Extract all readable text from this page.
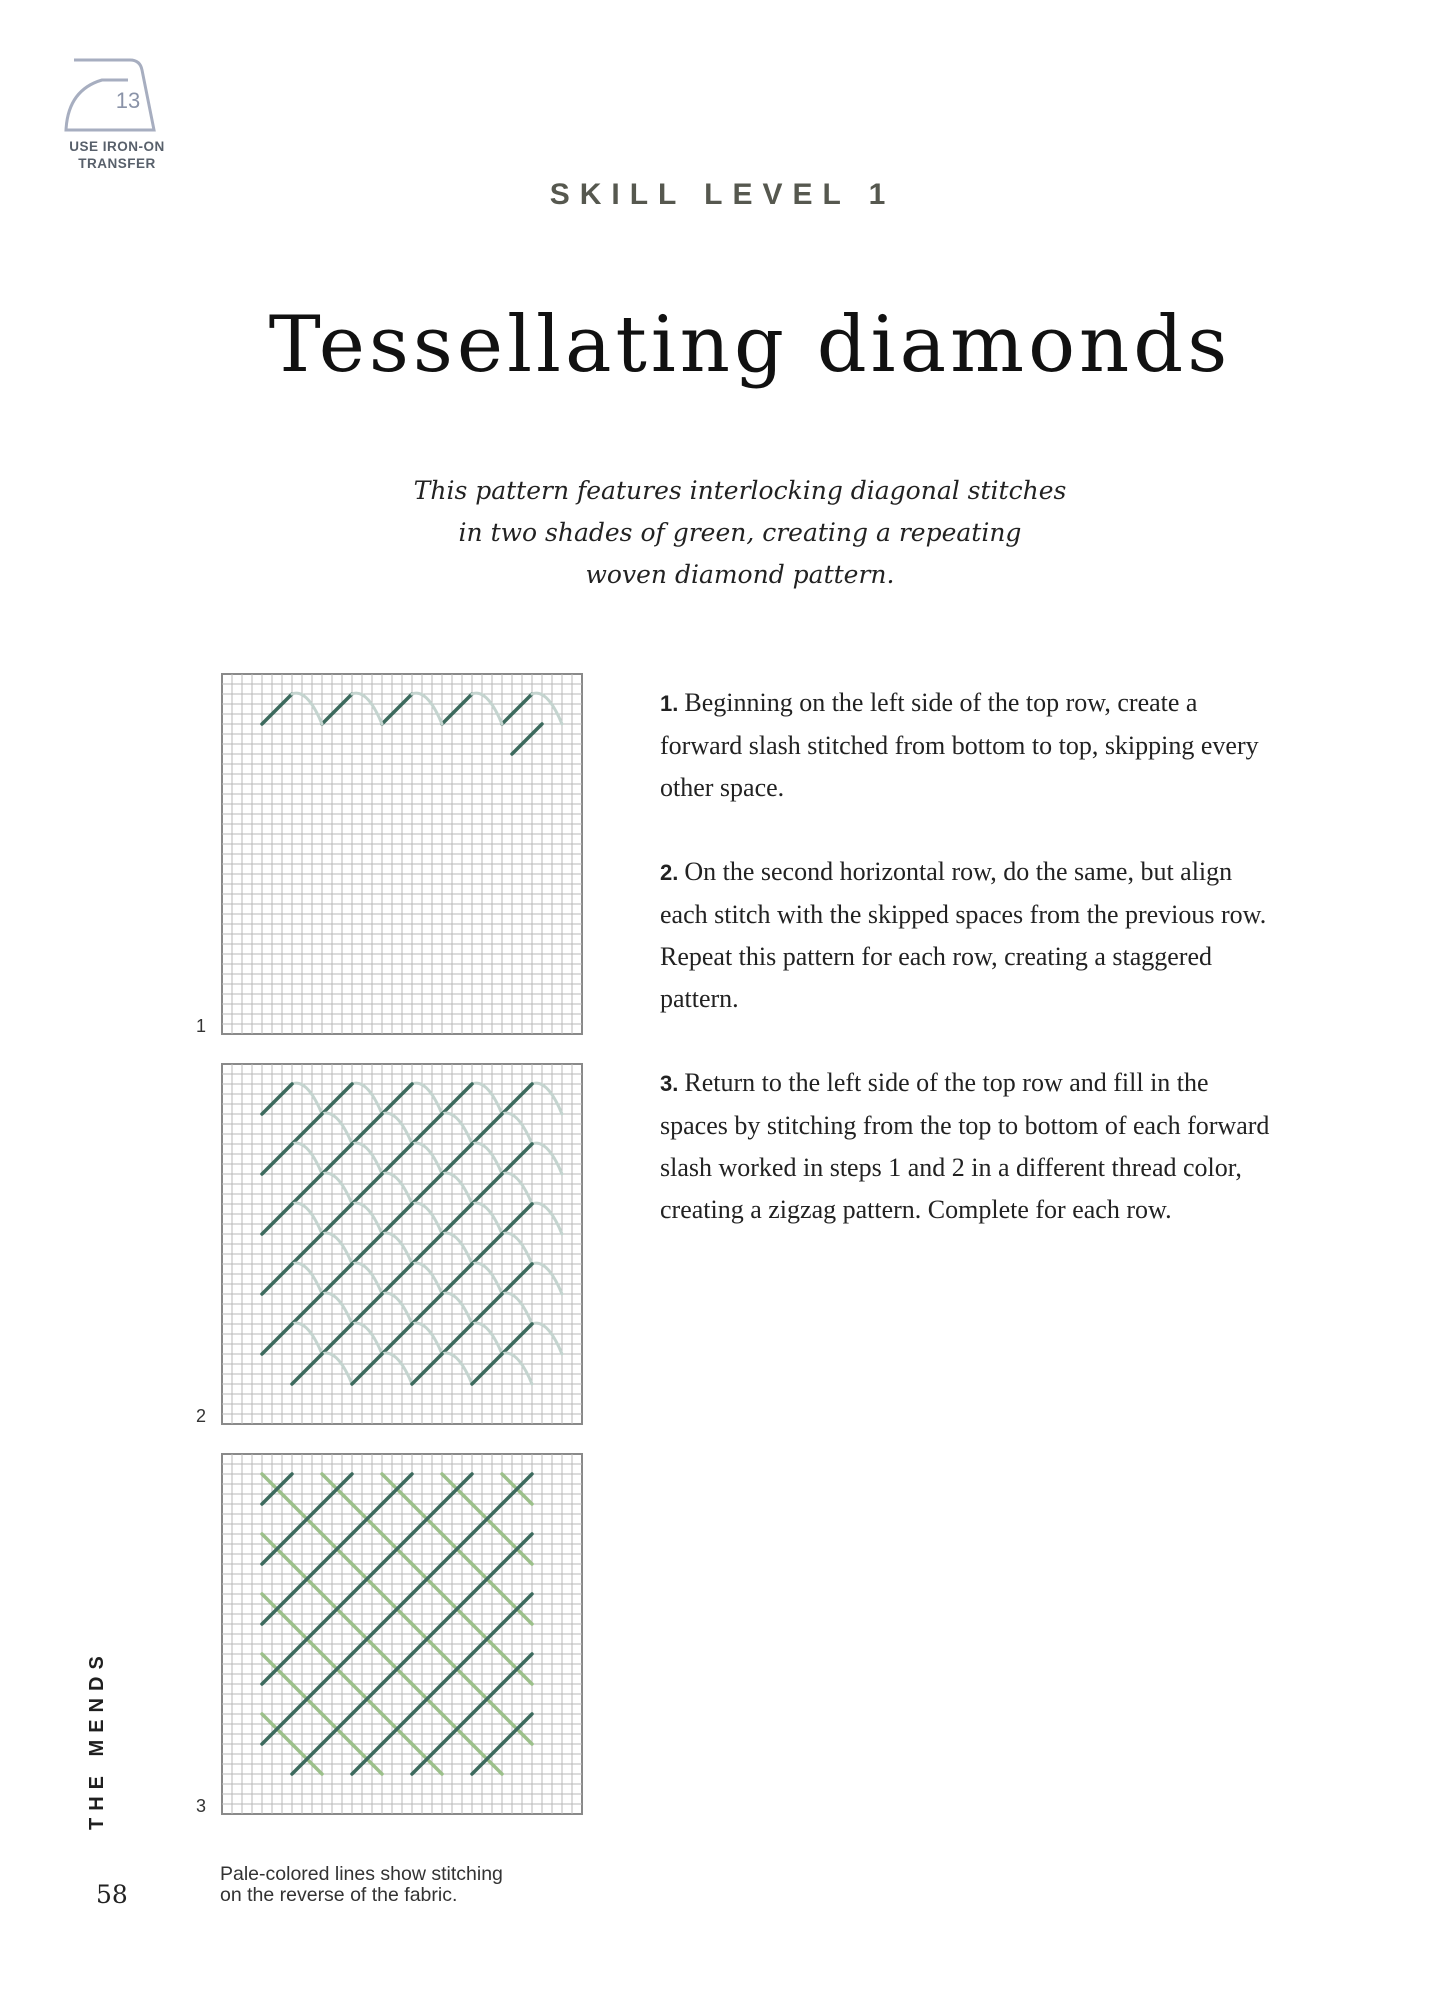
13
USE IRON-ON
TRANSFER
SKILL LEVEL 1
Tessellating diamonds
This pattern features interlocking diagonal stitches
in two shades of green, creating a repeating
woven diamond pattern.
1
2
3

1. Beginning on the left side of the top row, create a forward slash stitched from bottom to top, skipping every other space.

2. On the second horizontal row, do the same, but align each stitch with the skipped spaces from the previous row. Repeat this pattern for each row, creating a staggered pattern.

3. Return to the left side of the top row and fill in the spaces by stitching from the top to bottom of each forward slash worked in steps 1 and 2 in a different thread color, creating a zigzag pattern. Complete for each row.

Pale-colored lines show stitching
on the reverse of the fabric.
THE MENDS
58
